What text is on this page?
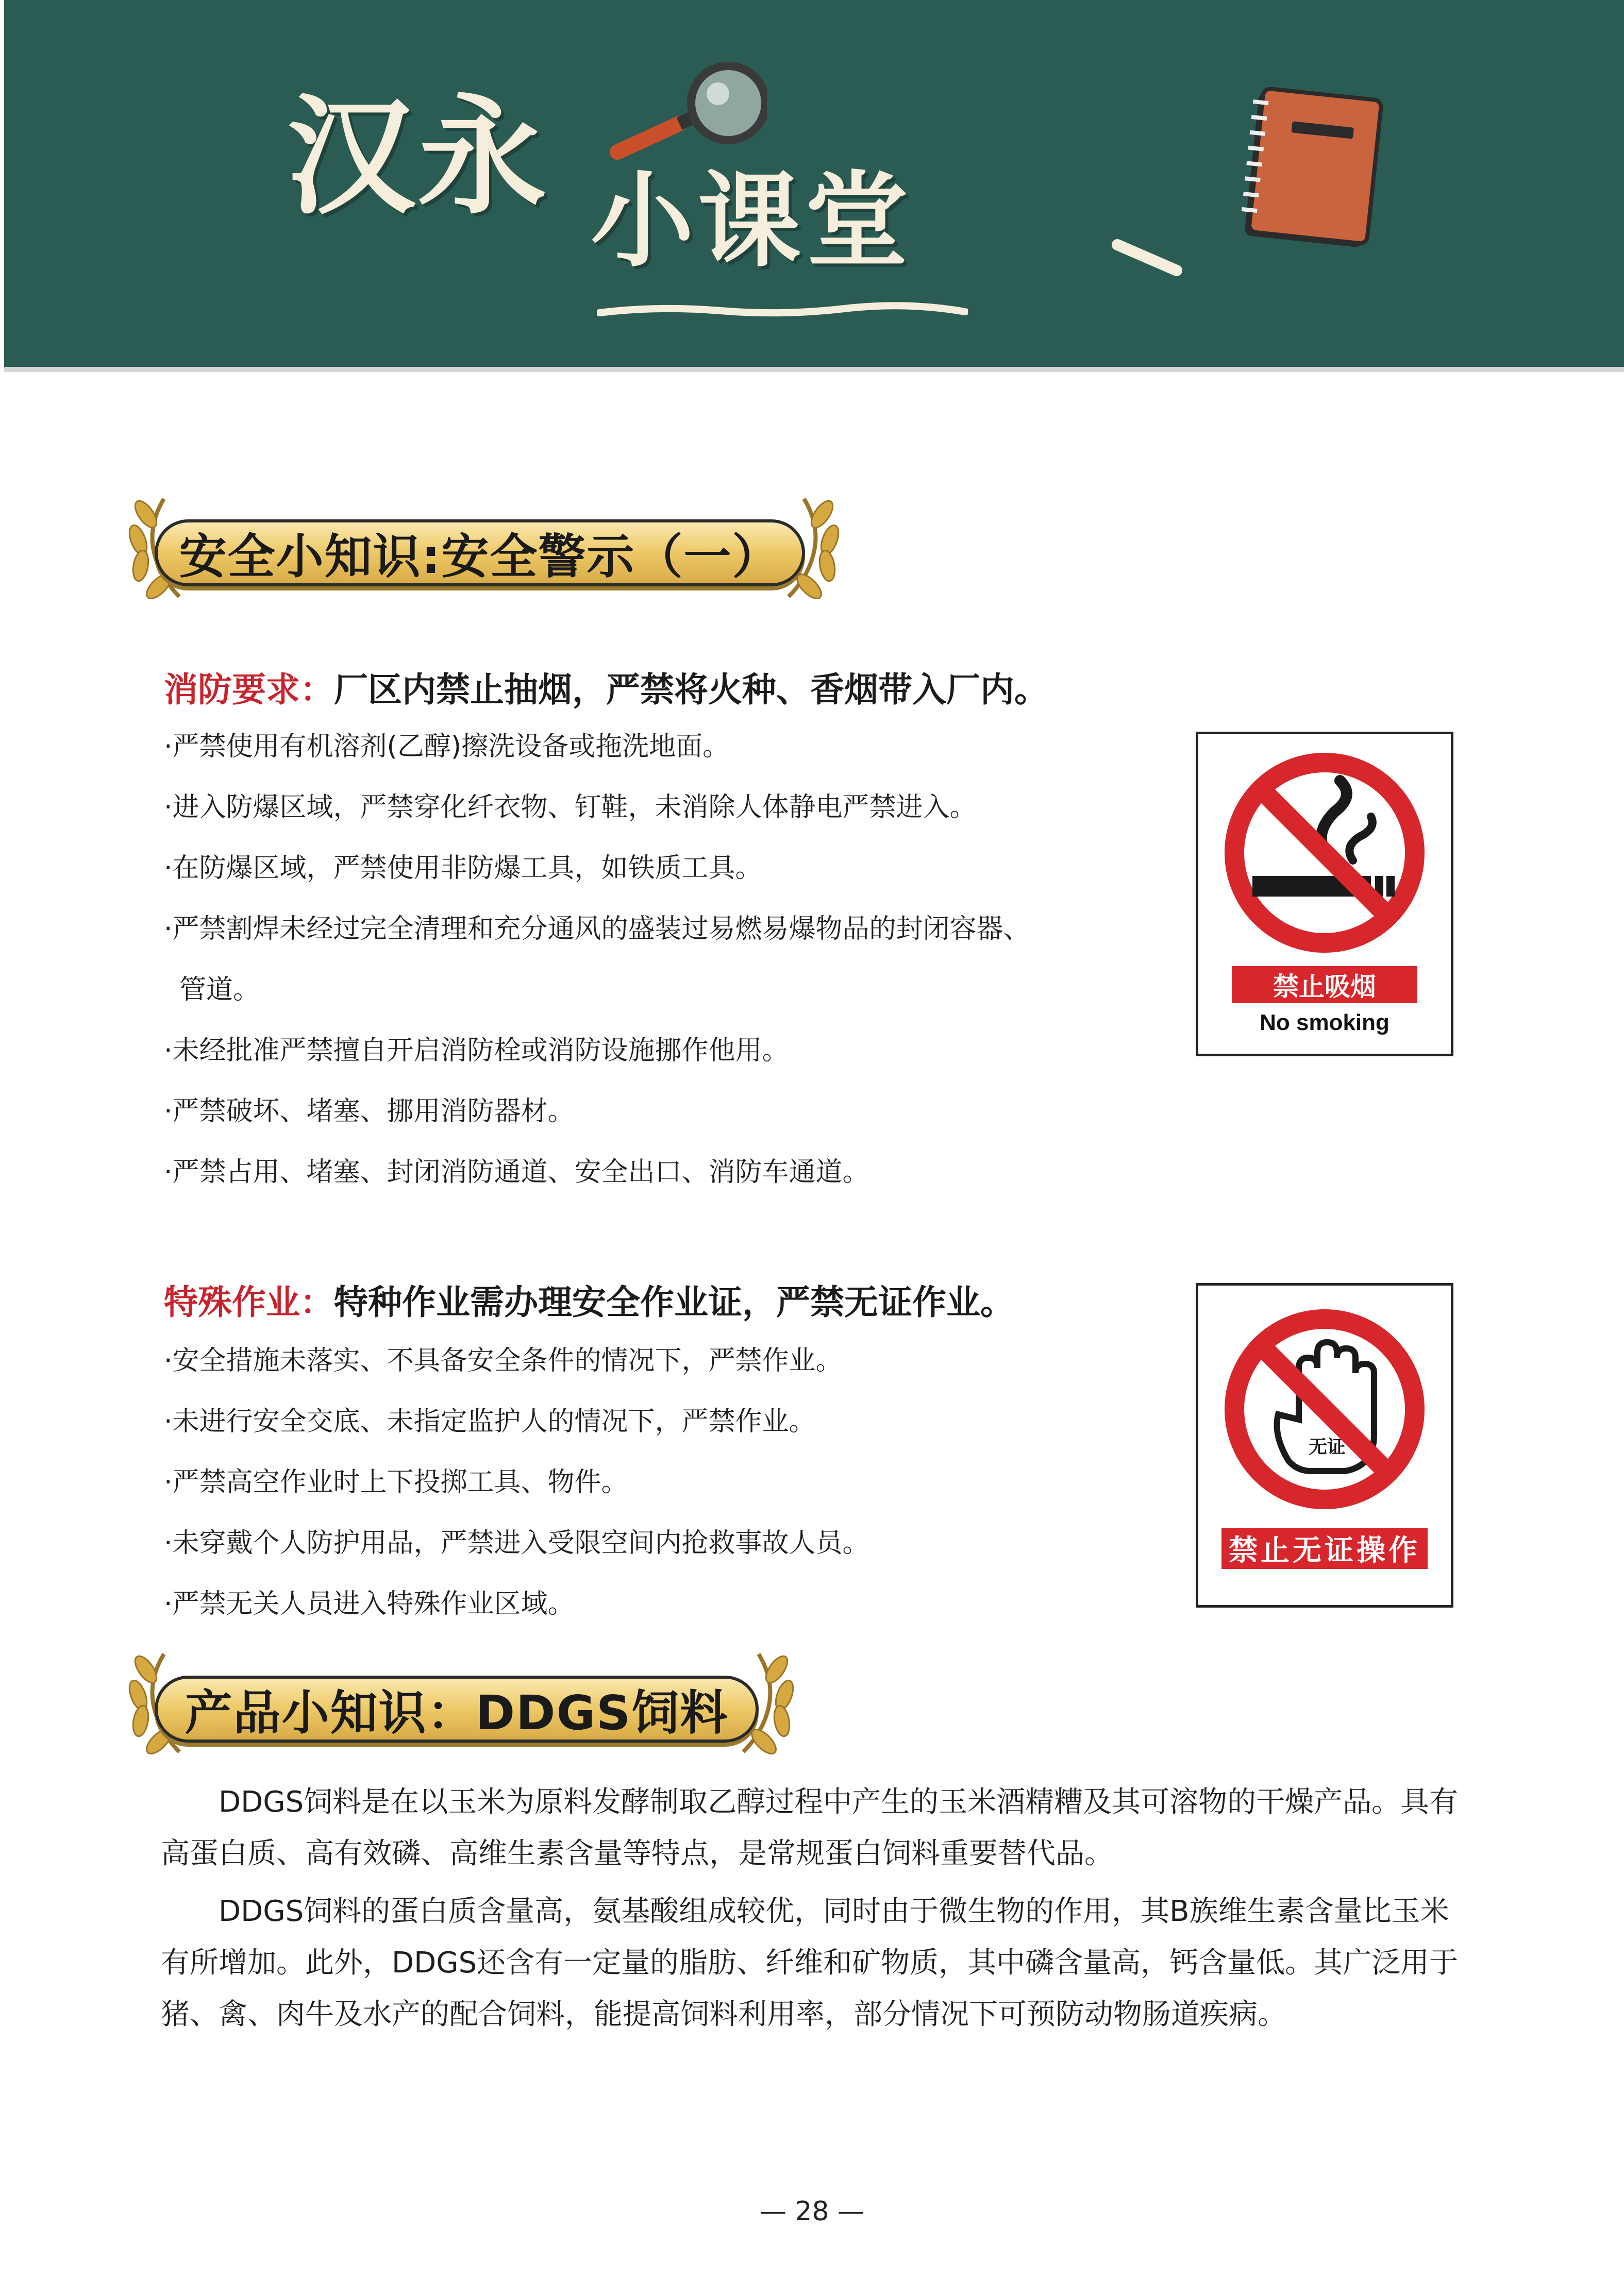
汉永 小课堂
安全小知识:安全警示（一）
消防要求：厂区内禁止抽烟，严禁将火种、香烟带入厂内。
·严禁使用有机溶剂(乙醇)擦洗设备或拖洗地面。
·进入防爆区域，严禁穿化纤衣物、钉鞋，未消除人体静电严禁进入。
·在防爆区域，严禁使用非防爆工具，如铁质工具。
·严禁割焊未经过完全清理和充分通风的盛装过易燃易爆物品的封闭容器、
管道。
·未经批准严禁擅自开启消防栓或消防设施挪作他用。
·严禁破坏、堵塞、挪用消防器材。
·严禁占用、堵塞、封闭消防通道、安全出口、消防车通道。
禁止吸烟
No smoking
特殊作业：特种作业需办理安全作业证，严禁无证作业。
·安全措施未落实、不具备安全条件的情况下，严禁作业。
·未进行安全交底、未指定监护人的情况下，严禁作业。
·严禁高空作业时上下投掷工具、物件。
·未穿戴个人防护用品，严禁进入受限空间内抢救事故人员。
·严禁无关人员进入特殊作业区域。
无证
禁止无证操作
产品小知识：DDGS饲料
DDGS饲料是在以玉米为原料发酵制取乙醇过程中产生的玉米酒精糟及其可溶物的干燥产品。具有高蛋白质、高有效磷、高维生素含量等特点，是常规蛋白饲料重要替代品。
DDGS饲料的蛋白质含量高，氨基酸组成较优，同时由于微生物的作用，其B族维生素含量比玉米有所增加。此外，DDGS还含有一定量的脂肪、纤维和矿物质，其中磷含量高，钙含量低。其广泛用于猪、禽、肉牛及水产的配合饲料，能提高饲料利用率，部分情况下可预防动物肠道疾病。
— 28 —
